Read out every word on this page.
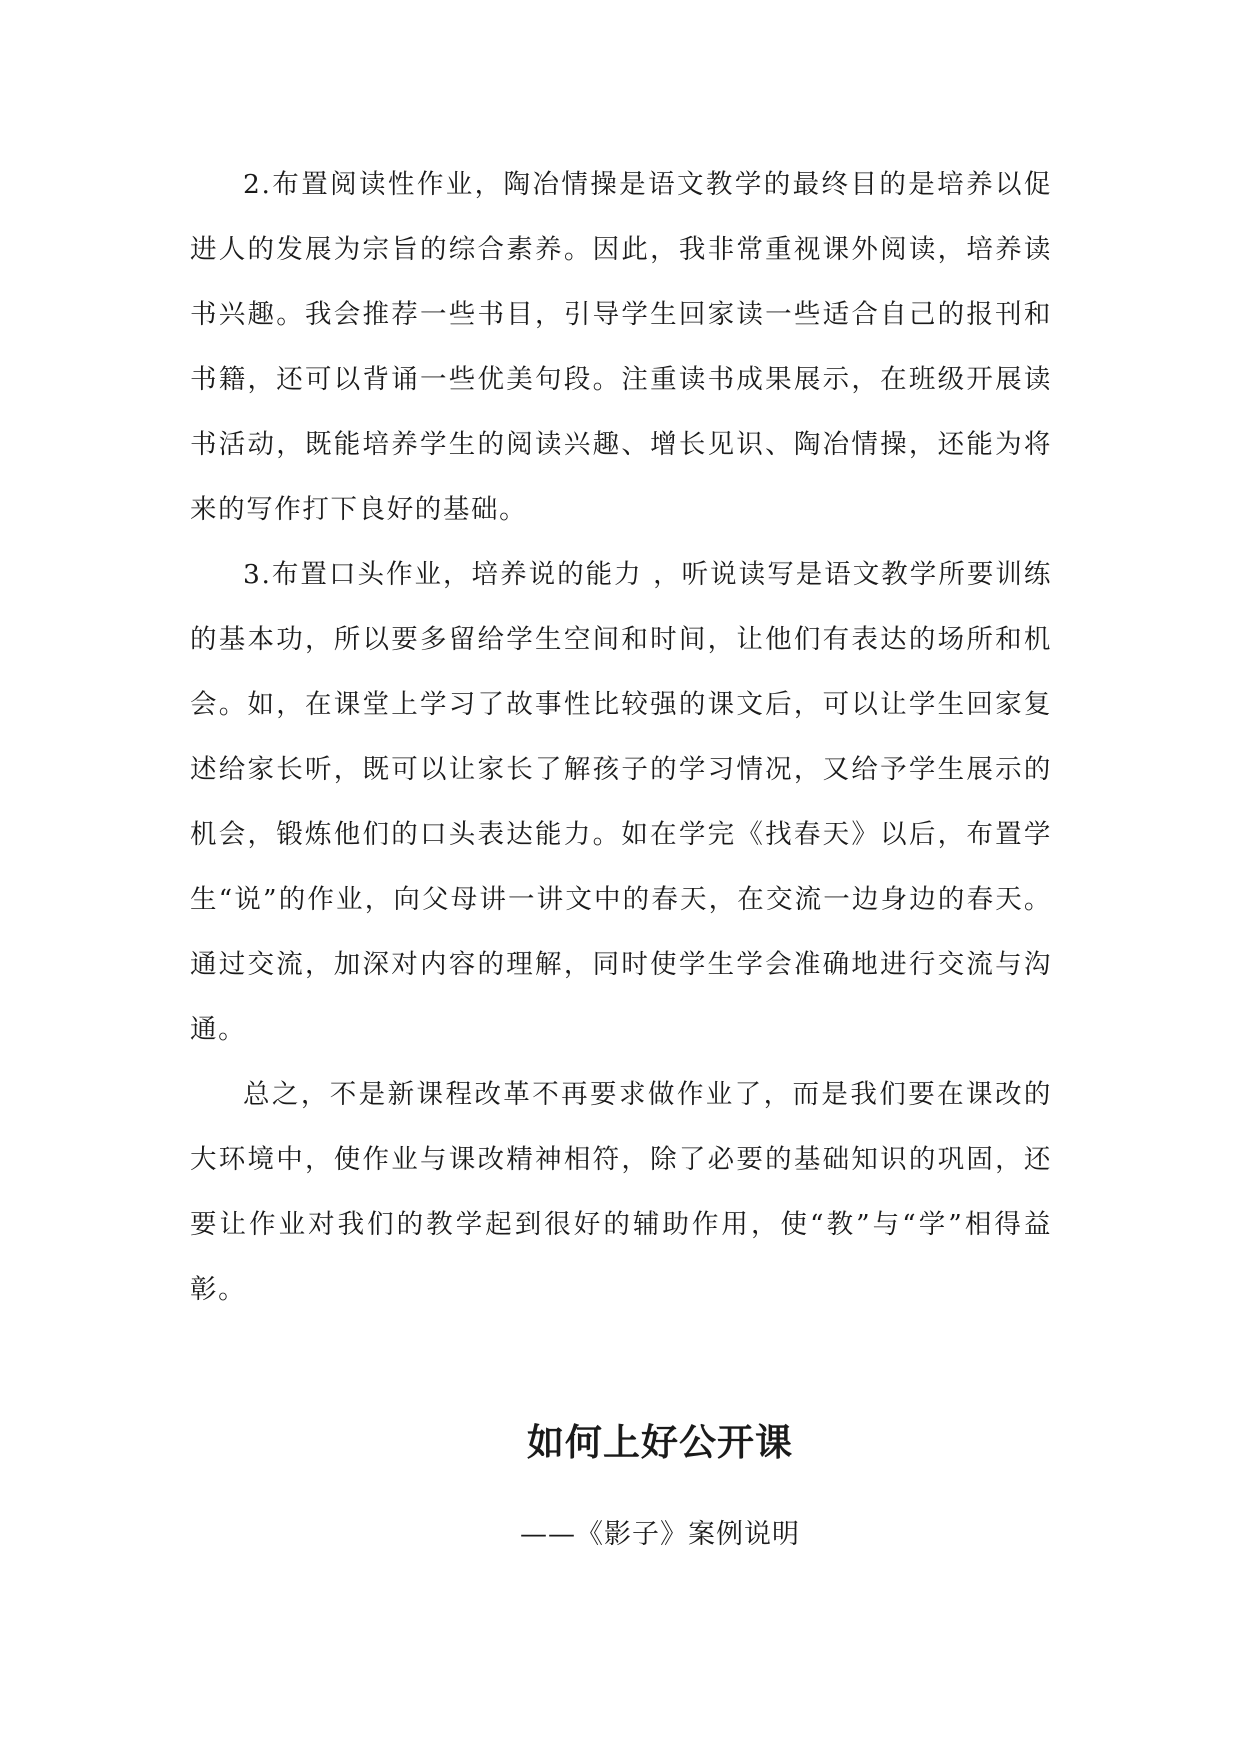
2.布置阅读性作业，陶冶情操是语文教学的最终目的是培养以促进人的发展为宗旨的综合素养。因此，我非常重视课外阅读，培养读书兴趣。我会推荐一些书目，引导学生回家读一些适合自己的报刊和书籍，还可以背诵一些优美句段。注重读书成果展示，在班级开展读书活动，既能培养学生的阅读兴趣、增长见识、陶冶情操，还能为将来的写作打下良好的基础。

3.布置口头作业，培养说的能力 ，听说读写是语文教学所要训练的基本功，所以要多留给学生空间和时间，让他们有表达的场所和机会。如，在课堂上学习了故事性比较强的课文后，可以让学生回家复述给家长听，既可以让家长了解孩子的学习情况，又给予学生展示的机会，锻炼他们的口头表达能力。如在学完《找春天》以后，布置学生“说”的作业，向父母讲一讲文中的春天，在交流一边身边的春天。通过交流，加深对内容的理解，同时使学生学会准确地进行交流与沟通。

总之，不是新课程改革不再要求做作业了，而是我们要在课改的大环境中，使作业与课改精神相符，除了必要的基础知识的巩固，还要让作业对我们的教学起到很好的辅助作用，使“教”与“学”相得益彰。

如何上好公开课

——《影子》案例说明
